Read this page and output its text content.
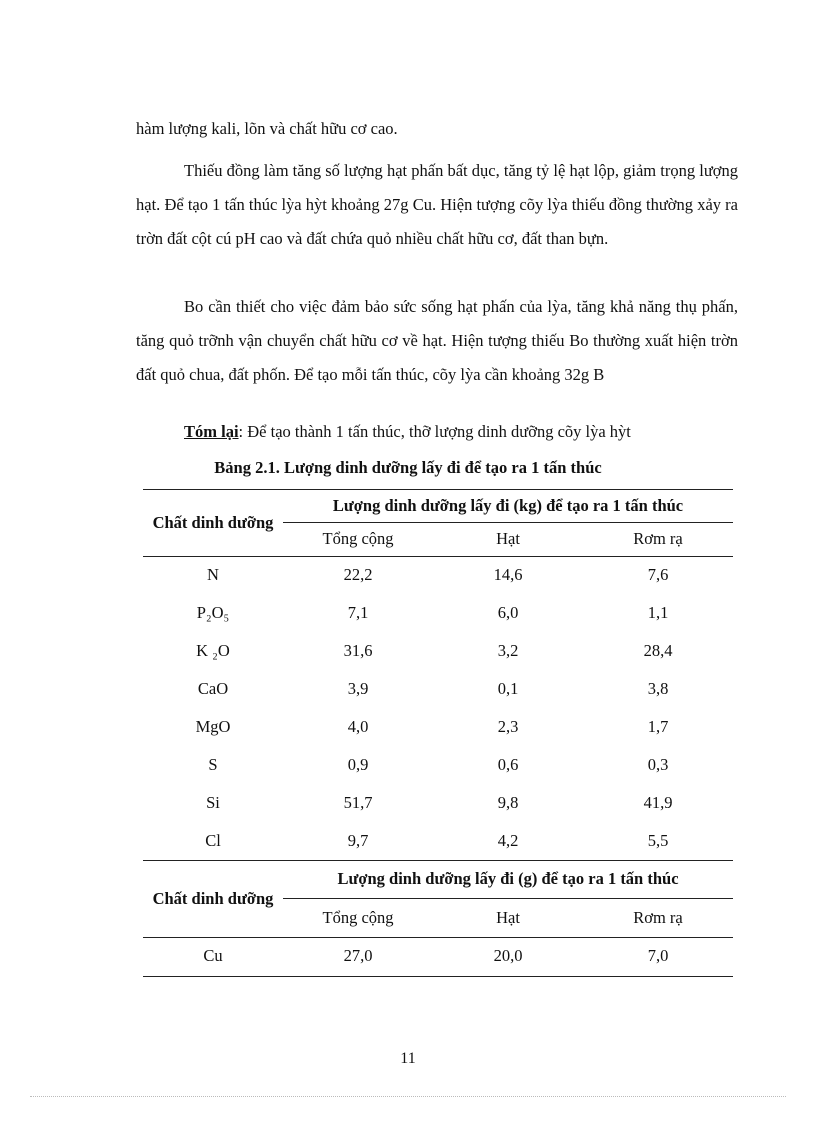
hàm lượng kali, lõn và chất hữu cơ cao.
Thiếu đồng làm tăng số lượng hạt phấn bất dục, tăng tỷ lệ hạt lộp, giảm trọng lượng hạt. Để tạo 1 tấn thúc lỳa hỳt khoảng 27g Cu. Hiện tượng cõy lỳa thiếu đồng thường xảy ra trờn đất cột cú pH cao và đất chứa quỏ nhiều chất hữu cơ, đất than bựn.
Bo cần thiết cho việc đảm bảo sức sống hạt phấn của lỳa, tăng khả năng thụ phấn, tăng quỏ trỡnh vận chuyển chất hữu cơ về hạt. Hiện tượng thiếu Bo thường xuất hiện trờn đất quỏ chua, đất phốn. Để tạo mỗi tấn thúc, cõy lỳa cần khoảng 32g B
Tóm lại: Để tạo thành 1 tấn thúc, thỡ lượng dinh dưỡng cõy lỳa hỳt
Bảng 2.1. Lượng dinh dưỡng lấy đi để tạo ra 1 tấn thúc
Chất dinh dưỡng	Lượng dinh dưỡng lấy đi (kg) để tạo ra 1 tấn thúc		
	Tổng cộng	Hạt	Rơm rạ
N	22,2	14,6	7,6
P₂O₅	7,1	6,0	1,1
K ₂O	31,6	3,2	28,4
CaO	3,9	0,1	3,8
MgO	4,0	2,3	1,7
S	0,9	0,6	0,3
Si	51,7	9,8	41,9
Cl	9,7	4,2	5,5
Chất dinh dưỡng	Lượng dinh dưỡng lấy đi (g) để tạo ra 1 tấn thúc		
	Tổng cộng	Hạt	Rơm rạ
Cu	27,0	20,0	7,0
11
